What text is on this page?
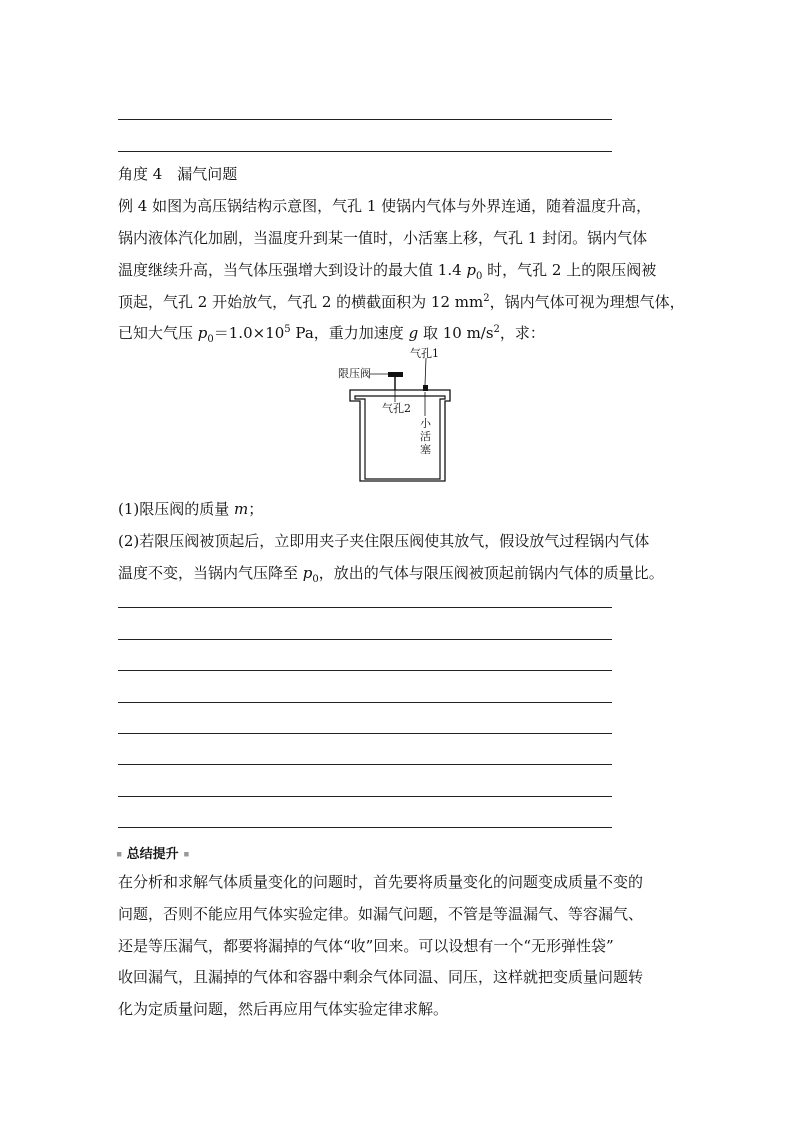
角度 4　漏气问题
例 4 如图为高压锅结构示意图，气孔 1 使锅内气体与外界连通，随着温度升高，
锅内液体汽化加剧，当温度升到某一值时，小活塞上移，气孔 1 封闭。锅内气体
温度继续升高，当气体压强增大到设计的最大值 1.4 $p_0$ 时，气孔 2 上的限压阀被
顶起，气孔 2 开始放气，气孔 2 的横截面积为 12 $mm^2$，锅内气体可视为理想气体，
已知大气压 $p_0=1.0\times 10^5$ Pa，重力加速度 g 取 10 $m/s^2$，求：
限压阀
气孔1
气孔2
小
活
塞
(1)限压阀的质量 m；
(2)若限压阀被顶起后，立即用夹子夹住限压阀使其放气，假设放气过程锅内气体
温度不变，当锅内气压降至 $p_0$，放出的气体与限压阀被顶起前锅内气体的质量比。
▪ 总结提升 ▪
在分析和求解气体质量变化的问题时，首先要将质量变化的问题变成质量不变的
问题，否则不能应用气体实验定律。如漏气问题，不管是等温漏气、等容漏气、
还是等压漏气，都要将漏掉的气体“收”回来。可以设想有一个“无形弹性袋”
收回漏气，且漏掉的气体和容器中剩余气体同温、同压，这样就把变质量问题转
化为定质量问题，然后再应用气体实验定律求解。
